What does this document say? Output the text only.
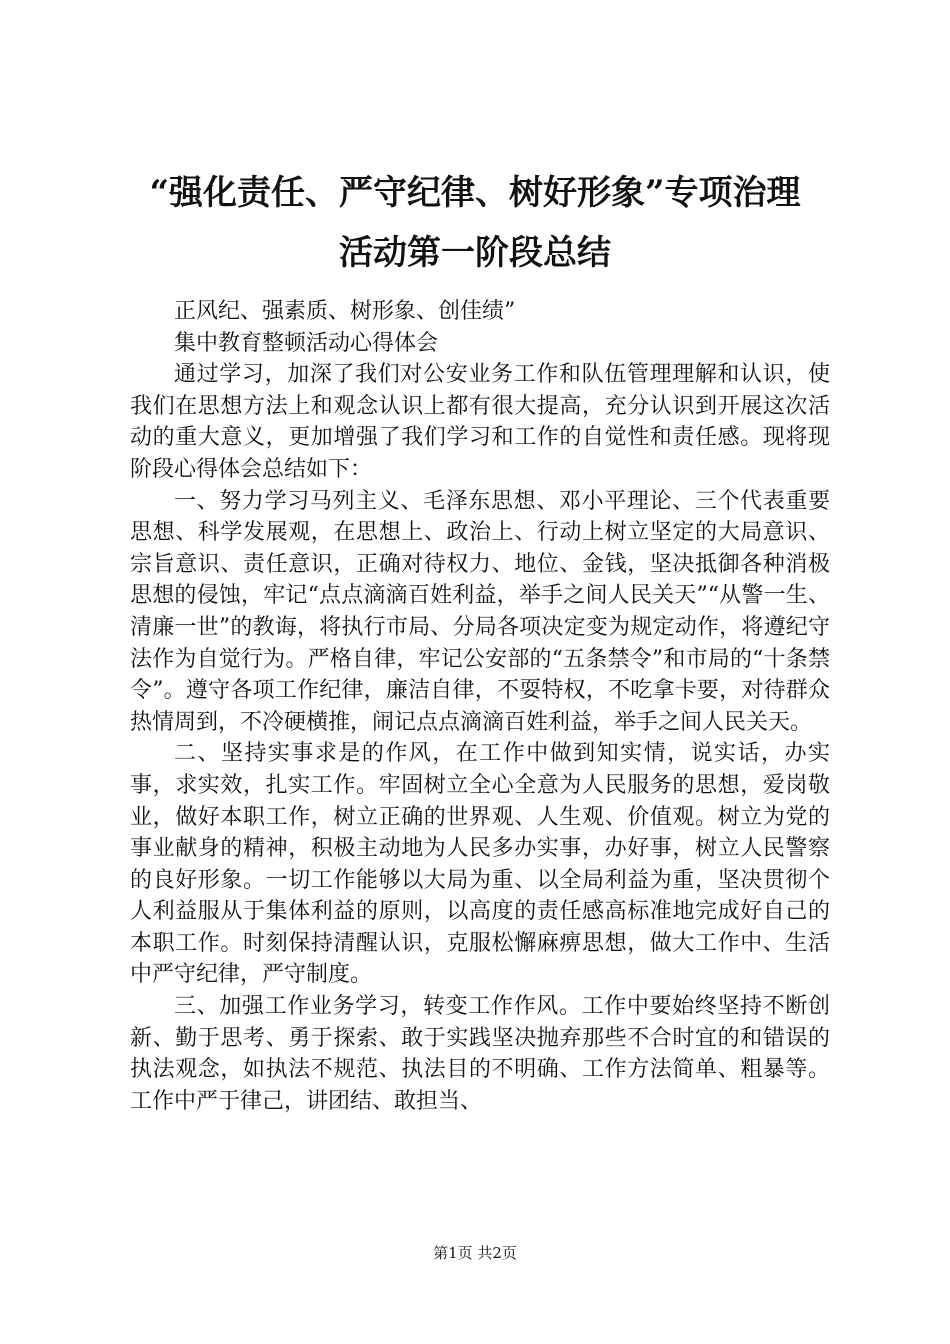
“强化责任、严守纪律、树好形象”专项治理
活动第一阶段总结

正风纪、强素质、树形象、创佳绩”

集中教育整顿活动心得体会

通过学习，加深了我们对公安业务工作和队伍管理理解和认识，使我们在思想方法上和观念认识上都有很大提高，充分认识到开展这次活动的重大意义，更加增强了我们学习和工作的自觉性和责任感。现将现阶段心得体会总结如下：

一、努力学习马列主义、毛泽东思想、邓小平理论、三个代表重要思想、科学发展观，在思想上、政治上、行动上树立坚定的大局意识、宗旨意识、责任意识，正确对待权力、地位、金钱，坚决抵御各种消极思想的侵蚀，牢记“点点滴滴百姓利益，举手之间人民关天”“从警一生、清廉一世”的教诲，将执行市局、分局各项决定变为规定动作，将遵纪守法作为自觉行为。严格自律，牢记公安部的“五条禁令”和市局的“十条禁令”。遵守各项工作纪律，廉洁自律，不耍特权，不吃拿卡要，对待群众热情周到，不冷硬横推，闹记点点滴滴百姓利益，举手之间人民关天。

二、坚持实事求是的作风，在工作中做到知实情，说实话，办实事，求实效，扎实工作。牢固树立全心全意为人民服务的思想，爱岗敬业，做好本职工作，树立正确的世界观、人生观、价值观。树立为党的事业献身的精神，积极主动地为人民多办实事，办好事，树立人民警察的良好形象。一切工作能够以大局为重、以全局利益为重，坚决贯彻个人利益服从于集体利益的原则，以高度的责任感高标准地完成好自己的本职工作。时刻保持清醒认识，克服松懈麻痹思想，做大工作中、生活中严守纪律，严守制度。

三、加强工作业务学习，转变工作作风。工作中要始终坚持不断创新、勤于思考、勇于探索、敢于实践坚决抛弃那些不合时宜的和错误的执法观念，如执法不规范、执法目的不明确、工作方法简单、粗暴等。工作中严于律己，讲团结、敢担当、

第1页 共2页
